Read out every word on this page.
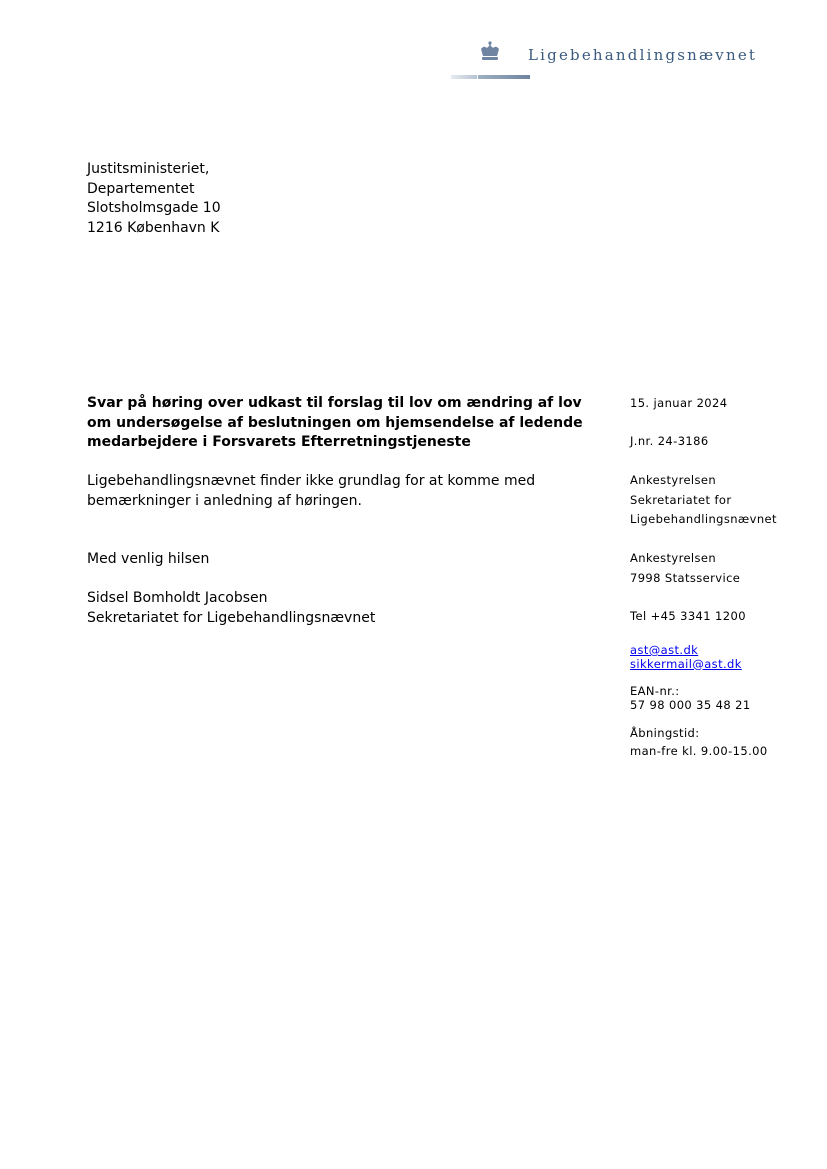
Ligebehandlingsnævnet
Justitsministeriet,
Departementet
Slotsholmsgade 10
1216 København K
Svar på høring over udkast til forslag til lov om ændring af lov om undersøgelse af beslutningen om hjemsendelse af ledende medarbejdere i Forsvarets Efterretningstjeneste
Ligebehandlingsnævnet finder ikke grundlag for at komme med bemærkninger i anledning af høringen.
Med venlig hilsen
Sidsel Bomholdt Jacobsen
Sekretariatet for Ligebehandlingsnævnet
15. januar 2024
J.nr. 24-3186
Ankestyrelsen
Sekretariatet for
Ligebehandlingsnævnet
Ankestyrelsen
7998 Statsservice
Tel +45 3341 1200
ast@ast.dk
sikkermail@ast.dk
EAN-nr.:
57 98 000 35 48 21
Åbningstid:
man-fre kl. 9.00-15.00
